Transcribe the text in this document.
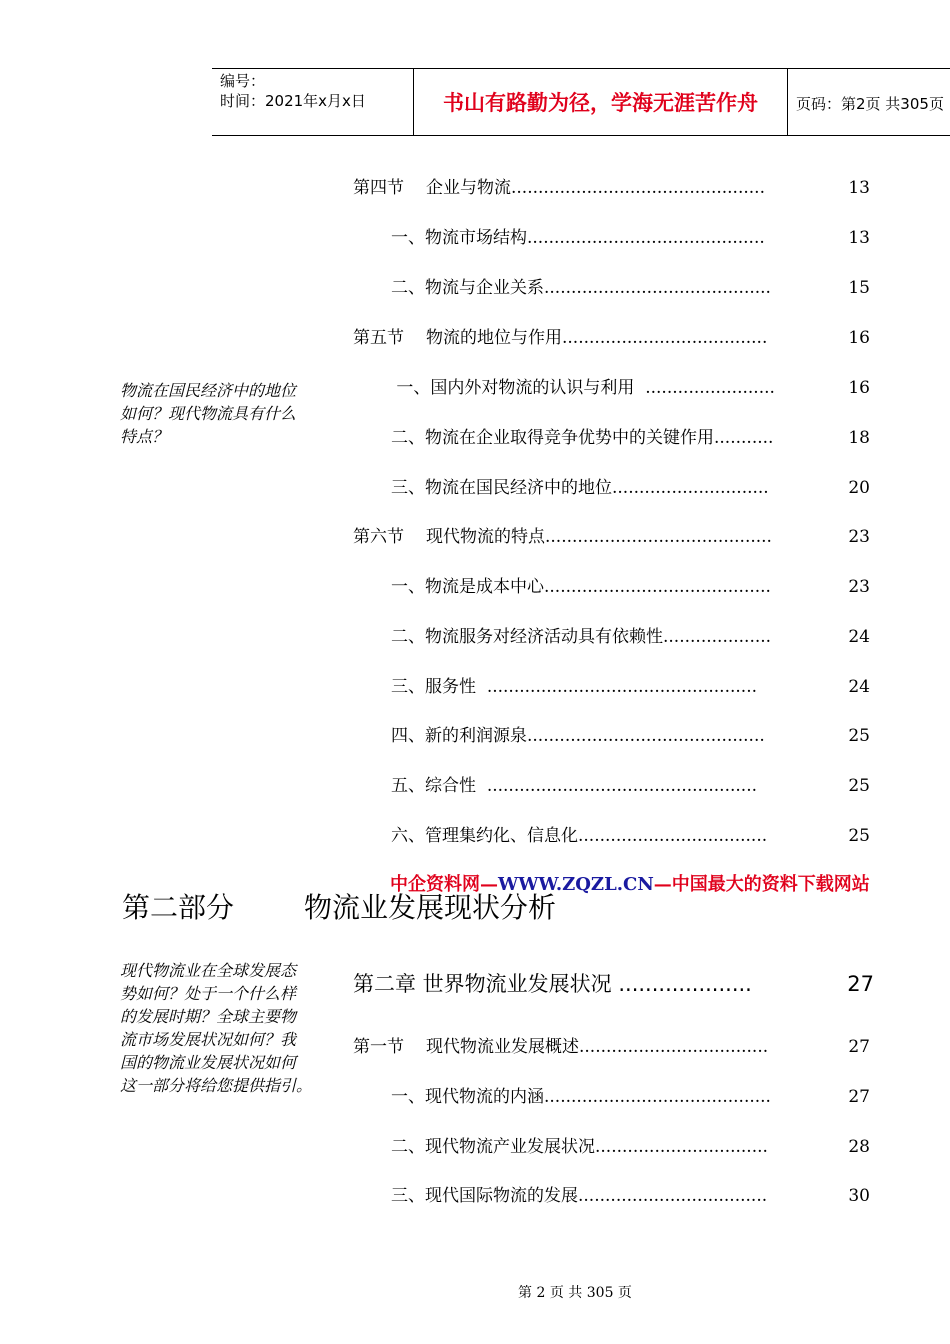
编号：
时间：2021年x月x日	书山有路勤为径，学海无涯苦作舟	页码：第2页 共305页
第四节 企业与物流...............................................	13
一、物流市场结构............................................	13
二、物流与企业关系..........................................	15
第五节 物流的地位与作用......................................	16
一、国内外对物流的认识与利用  ........................	16
二、物流在企业取得竞争优势中的关键作用...........	18
三、物流在国民经济中的地位.............................	20
第六节 现代物流的特点..........................................	23
一、物流是成本中心..........................................	23
二、物流服务对经济活动具有依赖性....................	24
三、服务性  ..................................................	24
四、新的利润源泉............................................	25
五、综合性  ..................................................	25
六、管理集约化、信息化...................................	25
物流在国民经济中的地位
如何？现代物流具有什么
特点？
中企资料网—WWW.ZQZL.CN—中国最大的资料下载网站
第二部分 物流业发展现状分析
现代物流业在全球发展态
势如何？处于一个什么样
的发展时期？全球主要物
流市场发展状况如何？我
国的物流业发展状况如何
这一部分将给您提供指引。
第二章 世界物流业发展状况 ....................	27
第一节 现代物流业发展概述...................................	27
一、现代物流的内涵..........................................	27
二、现代物流产业发展状况................................	28
三、现代国际物流的发展...................................	30
第 2 页 共 305 页
